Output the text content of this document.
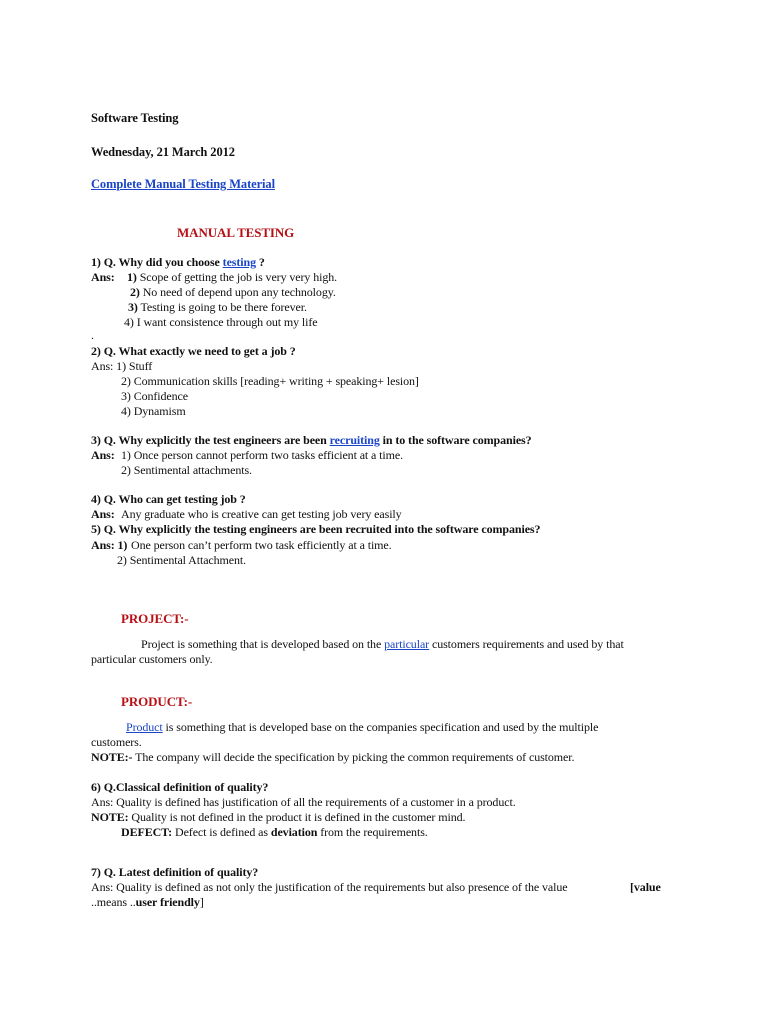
Software Testing
Wednesday, 21 March 2012
Complete Manual Testing Material
MANUAL TESTING
1) Q. Why did you choose testing ?
Ans: 1) Scope of getting the job is very very high.
2) No need of depend upon any technology.
3) Testing is going to be there forever.
4) I want consistence through out my life
.
2) Q. What exactly we need to get a job ?
Ans: 1) Stuff
2) Communication skills [reading+ writing + speaking+ lesion]
3) Confidence
4) Dynamism
3) Q. Why explicitly the test engineers are been recruiting in to the software companies?
Ans: 1) Once person cannot perform two tasks efficient at a time.
2) Sentimental attachments.
4) Q. Who can get testing job ?
Ans: Any graduate who is creative can get testing job very easily
5) Q. Why explicitly the testing engineers are been recruited into the software companies?
Ans: 1) One person can’t perform two task efficiently at a time.
2) Sentimental Attachment.
PROJECT:-
Project is something that is developed based on the particular customers requirements and used by that
particular customers only.
PRODUCT:-
Product is something that is developed base on the companies specification and used by the multiple
customers.
NOTE:- The company will decide the specification by picking the common requirements of customer.
6) Q.Classical definition of quality?
Ans: Quality is defined has justification of all the requirements of a customer in a product.
NOTE: Quality is not defined in the product it is defined in the customer mind.
DEFECT: Defect is defined as deviation from the requirements.
7) Q. Latest definition of quality?
Ans: Quality is defined as not only the justification of the requirements but also presence of the value	[value
..means ..user friendly]
